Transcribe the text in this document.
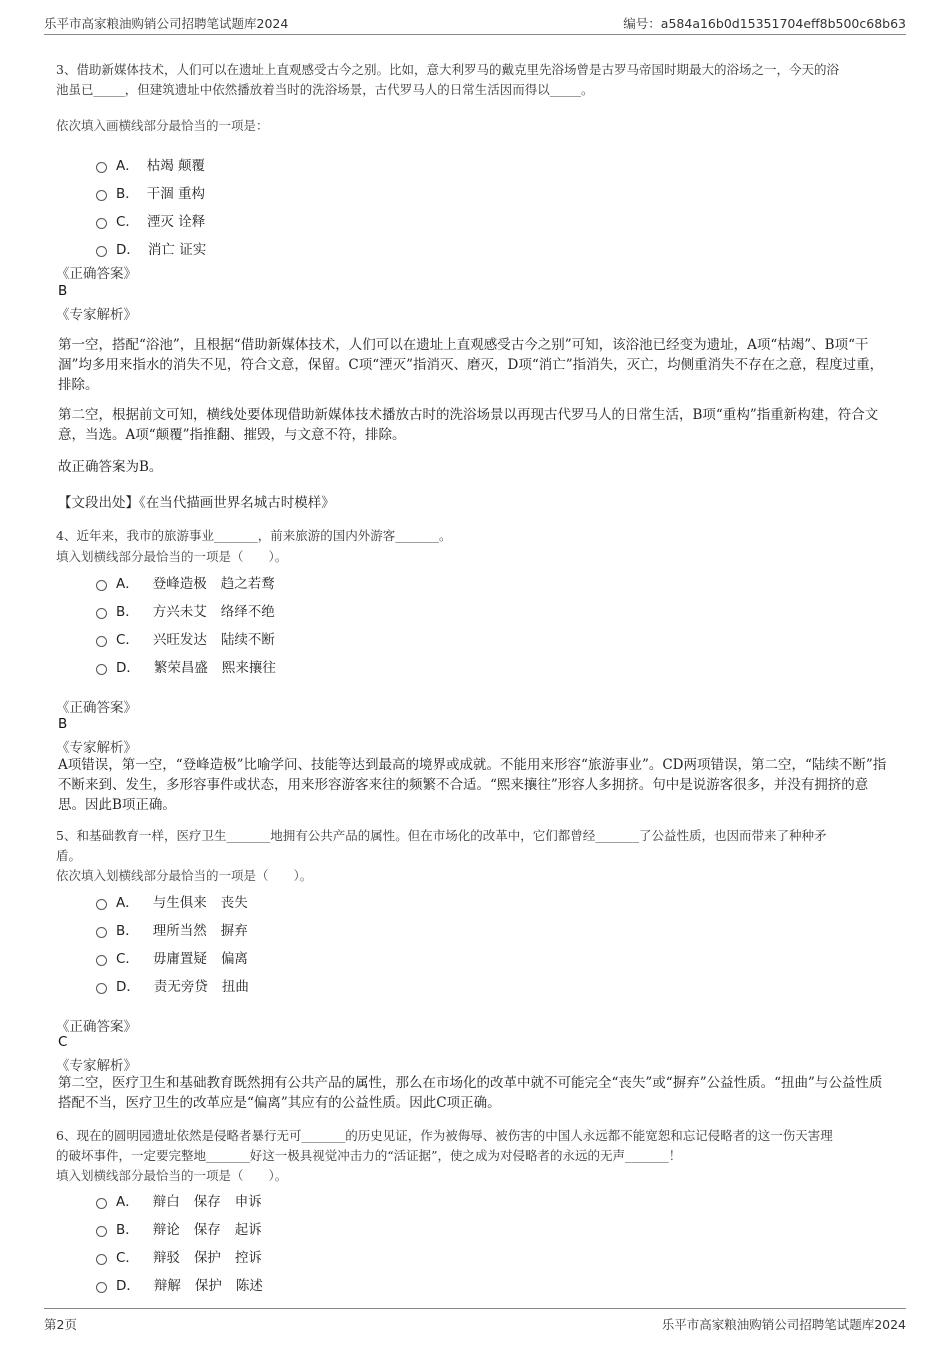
乐平市高家粮油购销公司招聘笔试题库2024	编号：a584a16b0d15351704eff8b500c68b63
3、借助新媒体技术，人们可以在遗址上直观感受古今之别。比如，意大利罗马的戴克里先浴场曾是古罗马帝国时期最大的浴场之一，今天的浴
池虽已_____，但建筑遗址中依然播放着当时的洗浴场景，古代罗马人的日常生活因而得以_____。
依次填入画横线部分最恰当的一项是：
A． 枯竭 颠覆
B． 干涸 重构
C． 湮灭 诠释
D． 消亡 证实
《正确答案》
B
《专家解析》
第一空，搭配“浴池”，且根据“借助新媒体技术，人们可以在遗址上直观感受古今之别”可知，该浴池已经变为遗址，A项“枯竭”、B项“干涸”均多用来指水的消失不见，符合文意，保留。C项“湮灭”指消灭、磨灭，D项“消亡”指消失，灭亡，均侧重消失不存在之意，程度过重，排除。
第二空，根据前文可知，横线处要体现借助新媒体技术播放古时的洗浴场景以再现古代罗马人的日常生活，B项“重构”指重新构建，符合文意，当选。A项“颠覆”指推翻、摧毁，与文意不符，排除。
故正确答案为B。
【文段出处】《在当代描画世界名城古时模样》
4、近年来，我市的旅游事业_______，前来旅游的国内外游客_______。
填入划横线部分最恰当的一项是（　　）。
A． 登峰造极 趋之若鹜
B． 方兴未艾 络绎不绝
C． 兴旺发达 陆续不断
D． 繁荣昌盛 熙来攘往
《正确答案》
B
《专家解析》
A项错误，第一空，“登峰造极”比喻学问、技能等达到最高的境界或成就。不能用来形容“旅游事业”。CD两项错误，第二空，“陆续不断”指不断来到、发生，多形容事件或状态，用来形容游客来往的频繁不合适。“熙来攘往”形容人多拥挤。句中是说游客很多，并没有拥挤的意思。因此B项正确。
5、和基础教育一样，医疗卫生_______地拥有公共产品的属性。但在市场化的改革中，它们都曾经_______了公益性质，也因而带来了种种矛
盾。
依次填入划横线部分最恰当的一项是（　　）。
A． 与生俱来 丧失
B． 理所当然 摒弃
C． 毋庸置疑 偏离
D． 责无旁贷 扭曲
《正确答案》
C
《专家解析》
第二空，医疗卫生和基础教育既然拥有公共产品的属性，那么在市场化的改革中就不可能完全“丧失”或“摒弃”公益性质。“扭曲”与公益性质搭配不当，医疗卫生的改革应是“偏离”其应有的公益性质。因此C项正确。
6、现在的圆明园遗址依然是侵略者暴行无可_______的历史见证，作为被侮辱、被伤害的中国人永远都不能宽恕和忘记侵略者的这一伤天害理
的破坏事件，一定要完整地_______好这一极具视觉冲击力的“活证据”，使之成为对侵略者的永远的无声_______！
填入划横线部分最恰当的一项是（　　）。
A． 辩白 保存 申诉
B． 辩论 保存 起诉
C． 辩驳 保护 控诉
D． 辩解 保护 陈述
第2页	乐平市高家粮油购销公司招聘笔试题库2024
